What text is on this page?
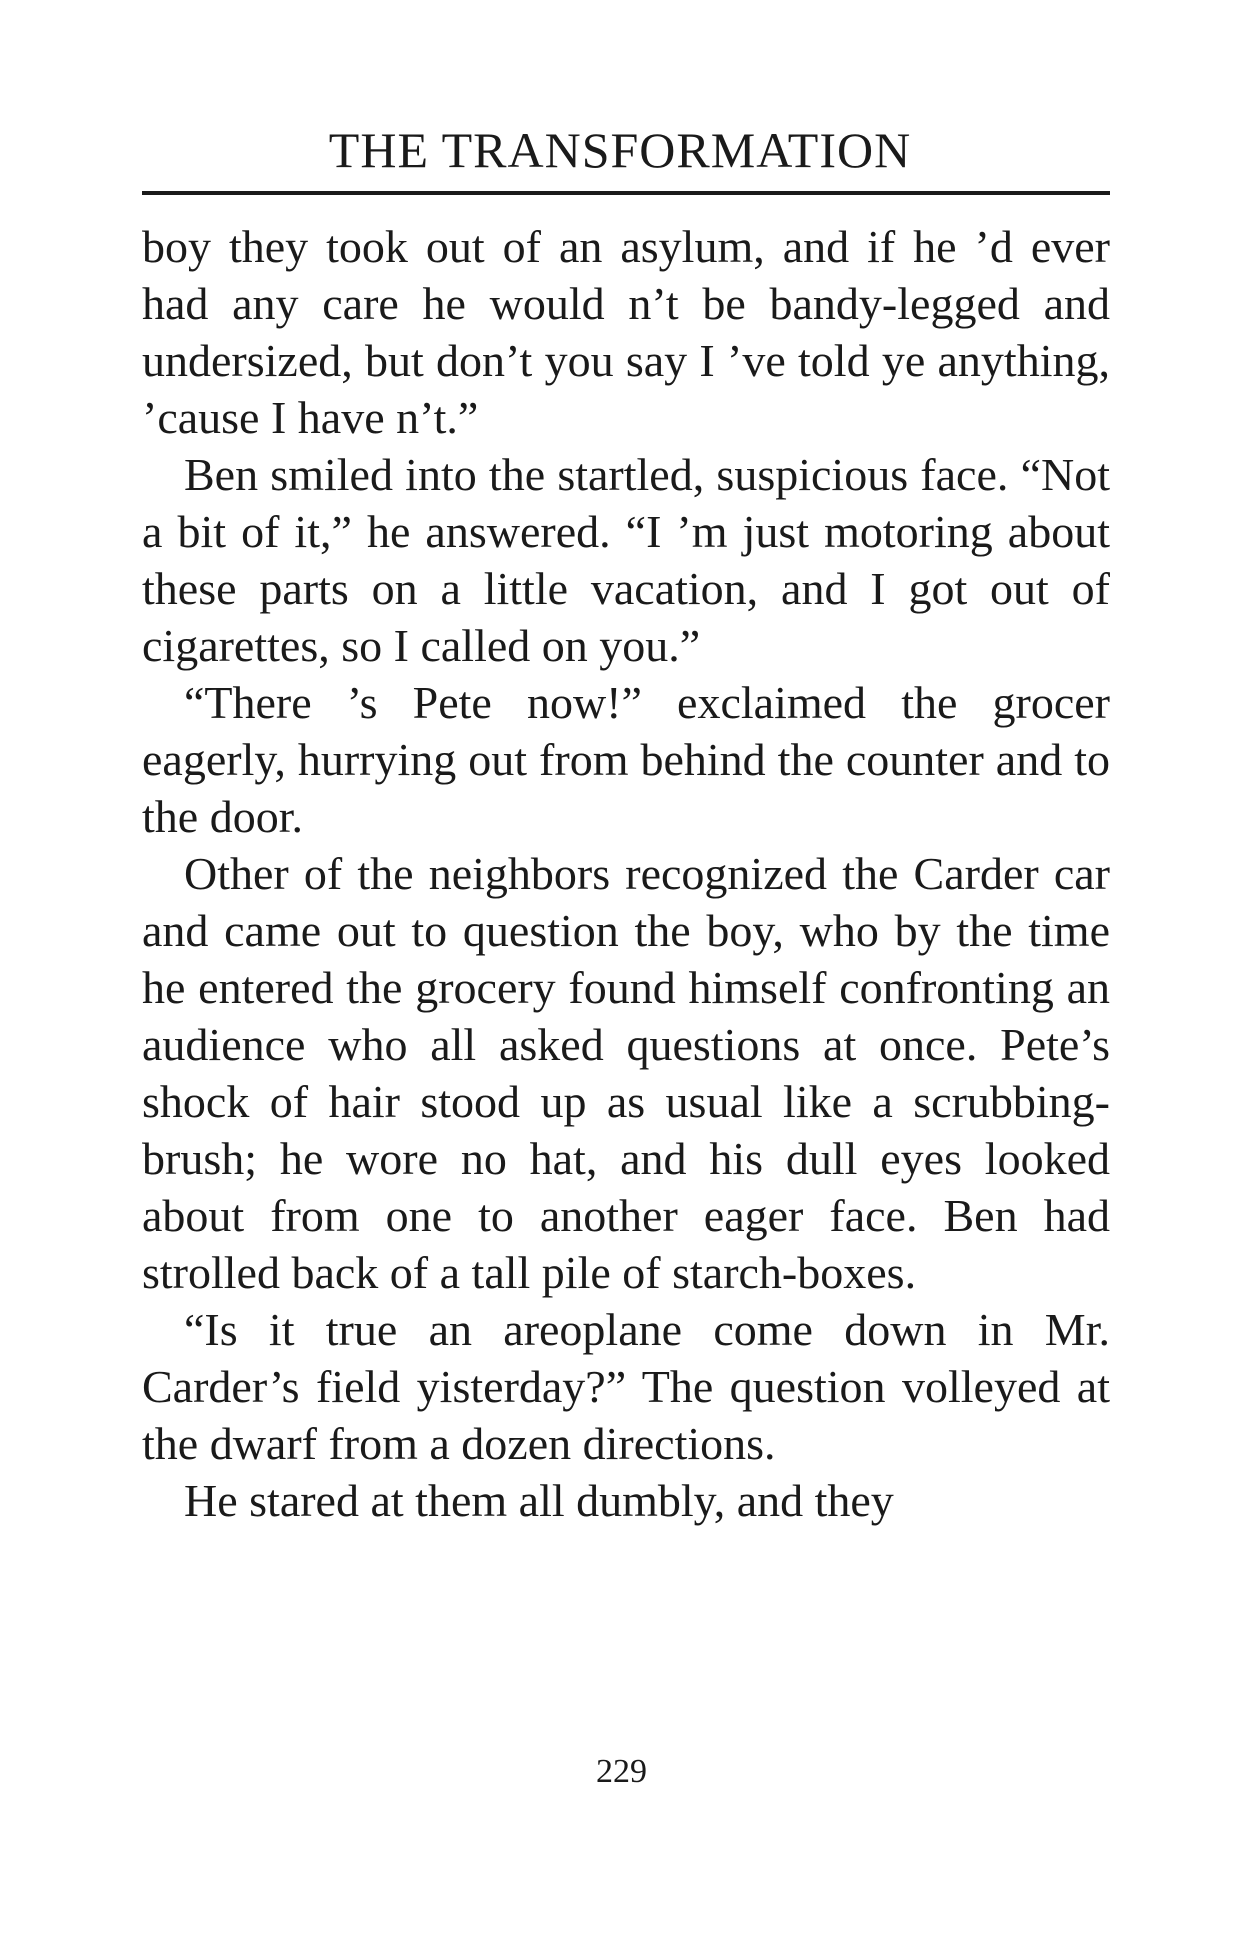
THE TRANSFORMATION

boy they took out of an asylum, and if he ’d ever had any care he would n’t be bandy-legged and undersized, but don’t you say I ’ve told ye anything, ’cause I have n’t.”

Ben smiled into the startled, suspicious face. “Not a bit of it,” he answered. “I ’m just motoring about these parts on a little vacation, and I got out of cigarettes, so I called on you.”

“There ’s Pete now!” exclaimed the grocer eagerly, hurrying out from behind the counter and to the door.

Other of the neighbors recognized the Carder car and came out to question the boy, who by the time he entered the grocery found himself confronting an audience who all asked questions at once. Pete’s shock of hair stood up as usual like a scrubbing-brush; he wore no hat, and his dull eyes looked about from one to another eager face. Ben had strolled back of a tall pile of starch-boxes.

“Is it true an areoplane come down in Mr. Carder’s field yisterday?” The question volleyed at the dwarf from a dozen directions.

He stared at them all dumbly, and they

229
